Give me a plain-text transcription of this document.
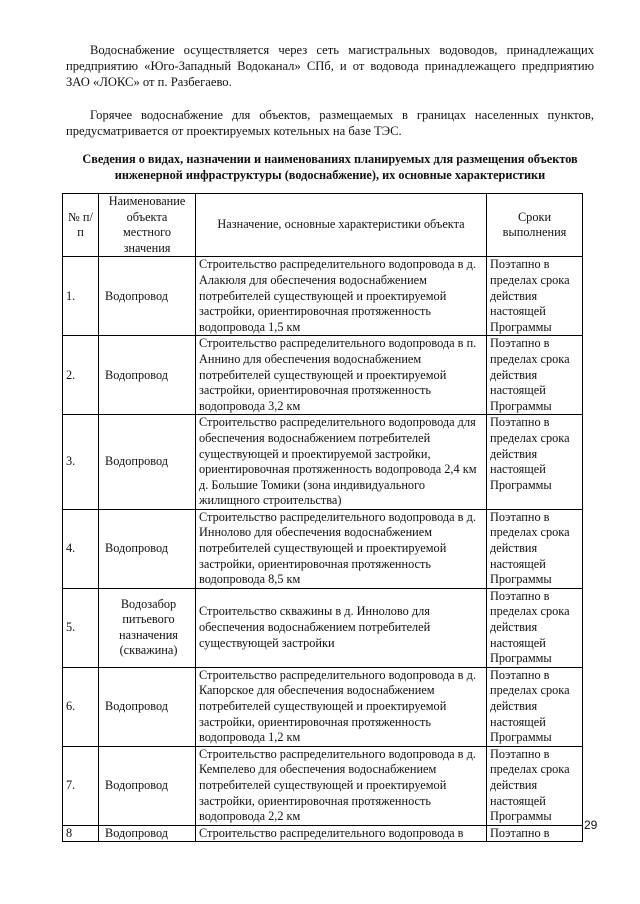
Водоснабжение осуществляется через сеть магистральных водоводов, принадлежащих предприятию «Юго-Западный Водоканал» СПб, и от водовода принадлежащего предприятию ЗАО «ЛОКС» от п. Разбегаево.

Горячее водоснабжение для объектов, размещаемых в границах населенных пунктов, предусматривается от проектируемых котельных на базе ТЭС.

Сведения о видах, назначении и наименованиях планируемых для размещения объектов инженерной инфраструктуры (водоснабжение), их основные характеристики

№ п/п	Наименование объекта местного значения	Назначение, основные характеристики объекта	Сроки выполнения
1.	Водопровод	Строительство распределительного водопровода в д. Алакюля для обеспечения водоснабжением потребителей существующей и проектируемой застройки, ориентировочная протяженность водопровода 1,5 км	Поэтапно в пределах срока действия настоящей Программы
2.	Водопровод	Строительство распределительного водопровода в п. Аннино для обеспечения водоснабжением потребителей существующей и проектируемой застройки, ориентировочная протяженность водопровода 3,2 км	Поэтапно в пределах срока действия настоящей Программы
3.	Водопровод	Строительство распределительного водопровода для обеспечения водоснабжением потребителей существующей и проектируемой застройки, ориентировочная протяженность водопровода 2,4 км д. Большие Томики (зона индивидуального жилищного строительства)	Поэтапно в пределах срока действия настоящей Программы
4.	Водопровод	Строительство распределительного водопровода в д. Иннолово для обеспечения водоснабжением потребителей существующей и проектируемой застройки, ориентировочная протяженность водопровода 8,5 км	Поэтапно в пределах срока действия настоящей Программы
5.	Водозабор питьевого назначения (скважина)	Строительство скважины в д. Иннолово для обеспечения водоснабжением потребителей существующей застройки	Поэтапно в пределах срока действия настоящей Программы
6.	Водопровод	Строительство распределительного водопровода в д. Капорское для обеспечения водоснабжением потребителей существующей и проектируемой застройки, ориентировочная протяженность водопровода 1,2 км	Поэтапно в пределах срока действия настоящей Программы
7.	Водопровод	Строительство распределительного водопровода в д. Кемпелево для обеспечения водоснабжением потребителей существующей и проектируемой застройки, ориентировочная протяженность водопровода 2,2 км	Поэтапно в пределах срока действия настоящей Программы
8	Водопровод	Строительство распределительного водопровода в	Поэтапно в
29
